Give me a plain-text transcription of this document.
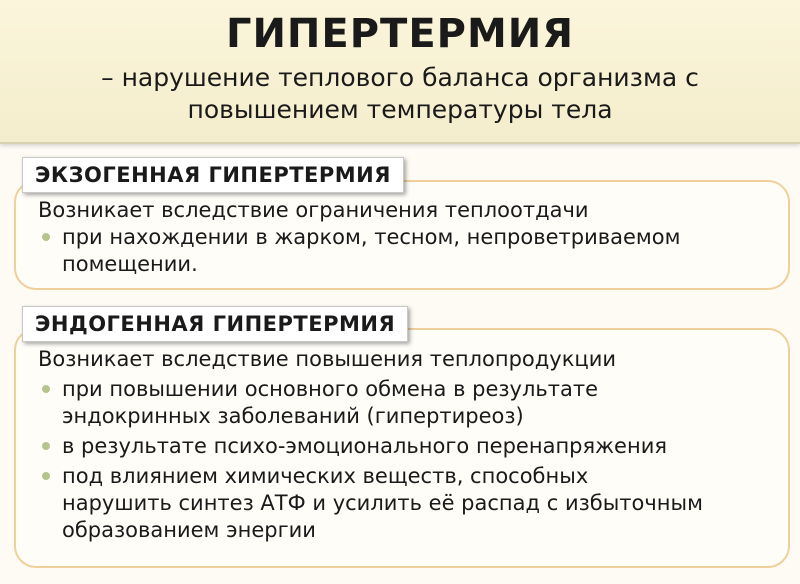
ГИПЕРТЕРМИЯ
– нарушение теплового баланса организма с
повышением температуры тела
ЭКЗОГЕННАЯ ГИПЕРТЕРМИЯ

Возникает вследствие ограничения теплоотдачи

при нахождении в жарком, тесном, непроветриваемом
помещении.
ЭНДОГЕННАЯ ГИПЕРТЕРМИЯ

Возникает вследствие повышения теплопродукции

при повышении основного обмена в результате
эндокринных заболеваний (гипертиреоз)
в результате психо-эмоционального перенапряжения
под влиянием химических веществ, способных
нарушить синтез АТФ и усилить её распад с избыточным
образованием энергии
